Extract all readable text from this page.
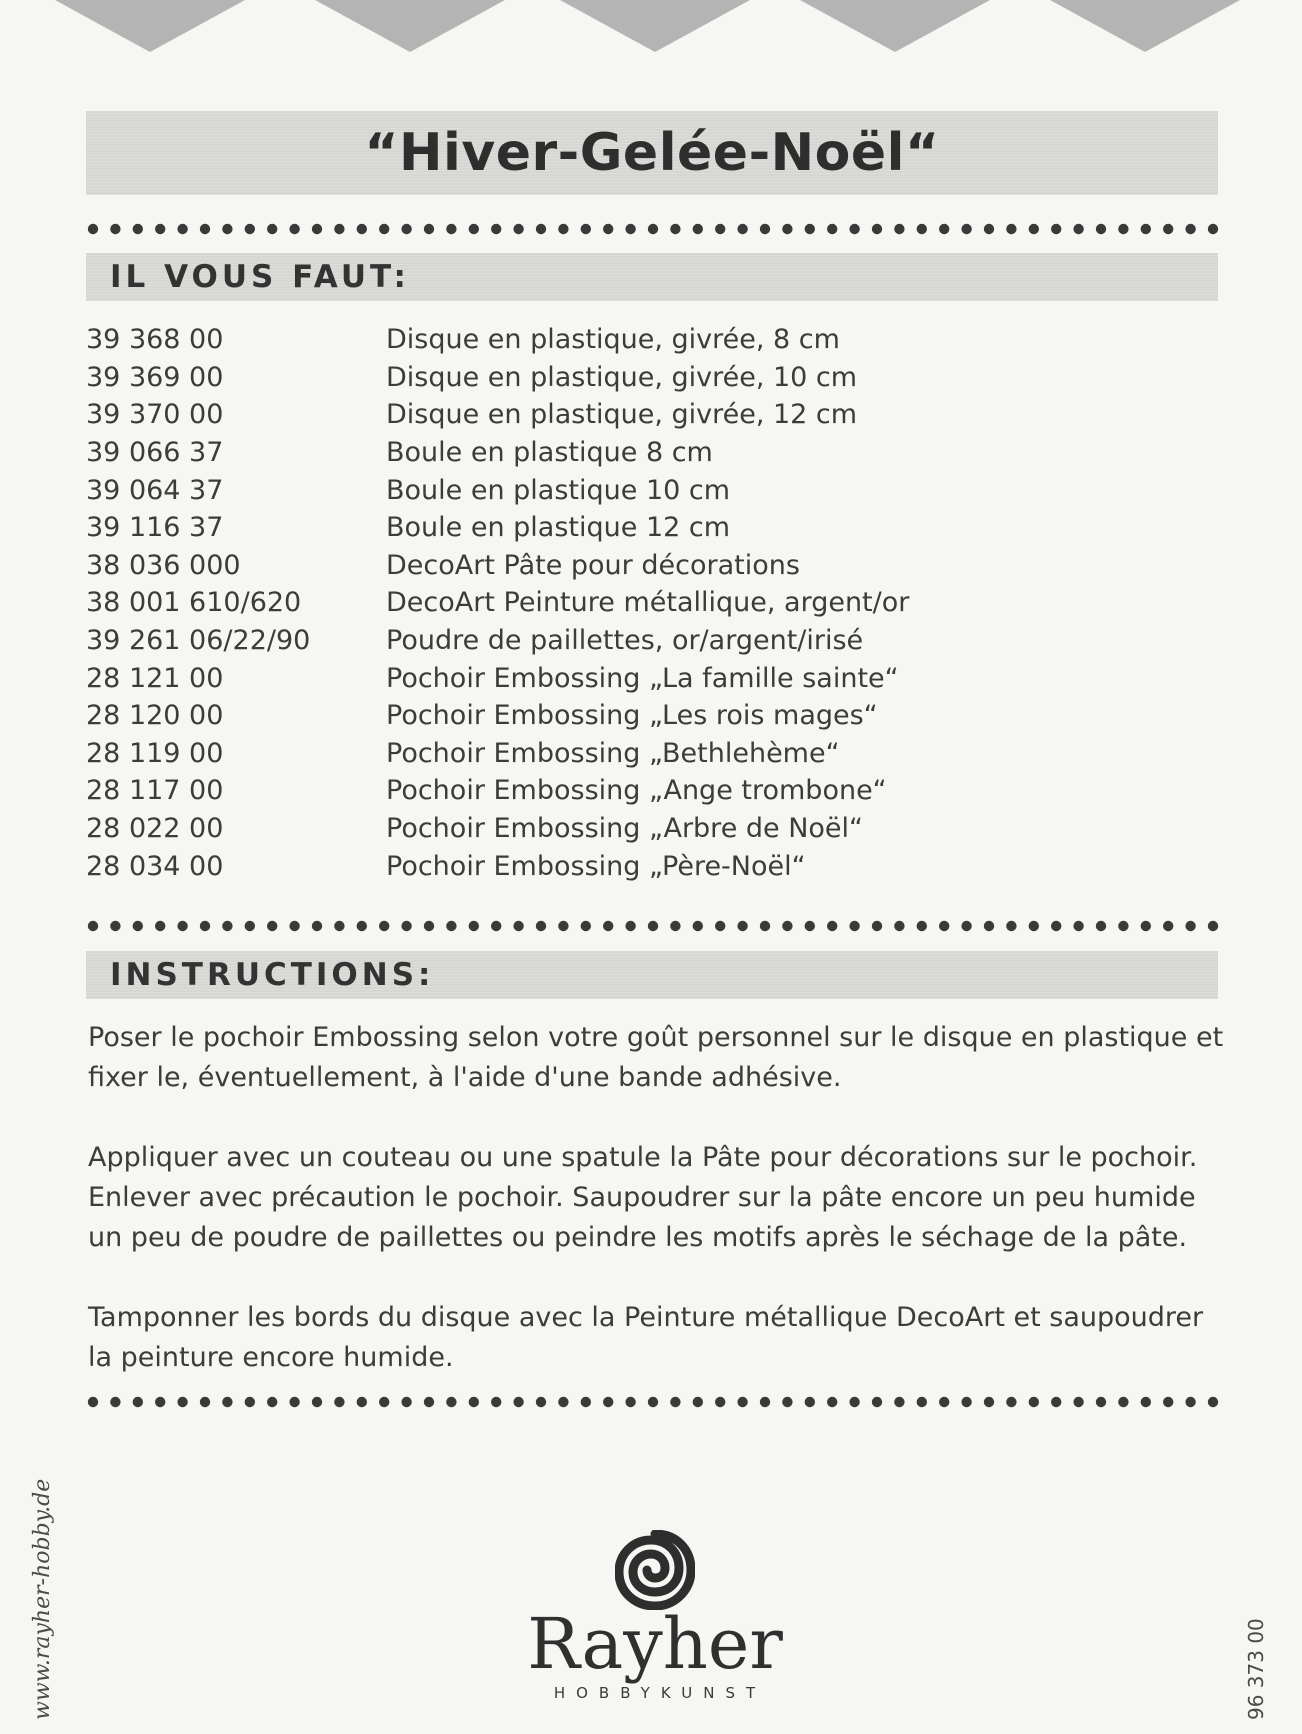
“Hiver-Gelée-Noël“
IL VOUS FAUT:
39 368 00	Disque en plastique, givrée, 8 cm
39 369 00	Disque en plastique, givrée, 10 cm
39 370 00	Disque en plastique, givrée, 12 cm
39 066 37	Boule en plastique 8 cm
39 064 37	Boule en plastique 10 cm
39 116 37	Boule en plastique 12 cm
38 036 000	DecoArt Pâte pour décorations
38 001 610/620	DecoArt Peinture métallique, argent/or
39 261 06/22/90	Poudre de paillettes, or/argent/irisé
28 121 00	Pochoir Embossing „La famille sainte“
28 120 00	Pochoir Embossing „Les rois mages“
28 119 00	Pochoir Embossing „Bethlehème“
28 117 00	Pochoir Embossing „Ange trombone“
28 022 00	Pochoir Embossing „Arbre de Noël“
28 034 00	Pochoir Embossing „Père-Noël“
INSTRUCTIONS:

Poser le pochoir Embossing selon votre goût personnel sur le disque en plastique et fixer le, éventuellement, à l'aide d'une bande adhésive.

Appliquer avec un couteau ou une spatule la Pâte pour décorations sur le pochoir. Enlever avec précaution le pochoir. Saupoudrer sur la pâte encore un peu humide un peu de poudre de paillettes ou peindre les motifs après le séchage de la pâte.

Tamponner les bords du disque avec la Peinture métallique DecoArt et saupoudrer la peinture encore humide.

www.rayher-hobby.de	96 373 00
Rayher
HOBBYKUNST
